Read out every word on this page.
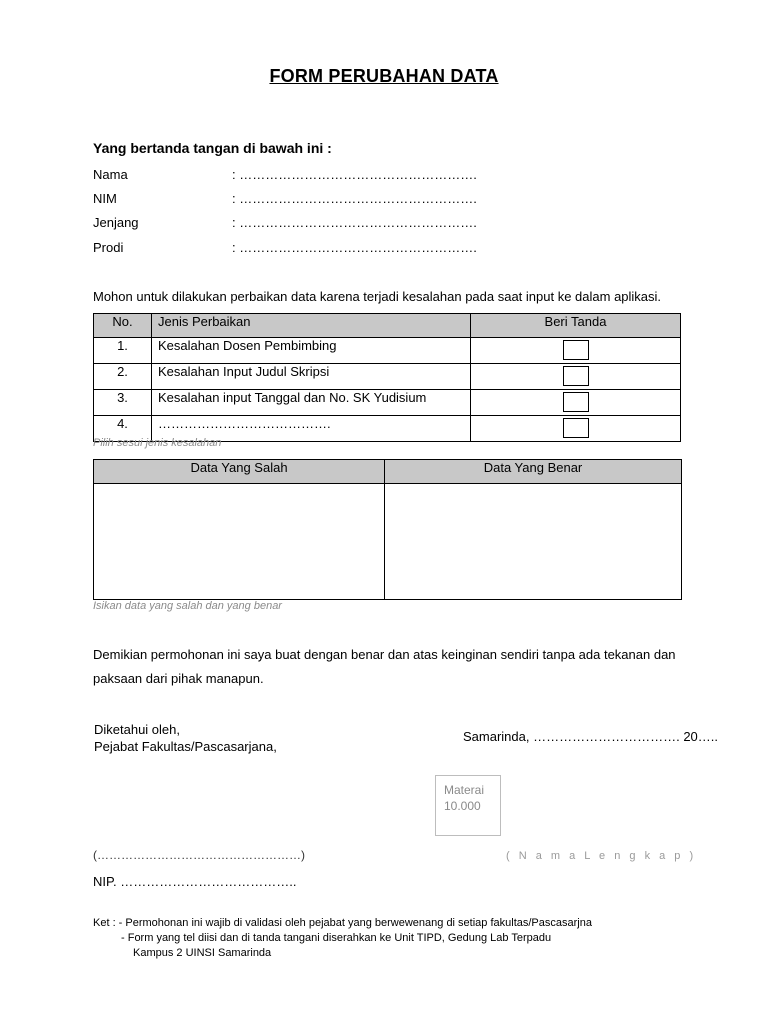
FORM PERUBAHAN DATA
Yang bertanda tangan di bawah ini :
Nama	: ……………………………………………….
NIM	: ……………………………………………….
Jenjang	: ……………………………………………….
Prodi	: ……………………………………………….
Mohon untuk dilakukan perbaikan data karena terjadi kesalahan pada saat input ke dalam aplikasi.
No.	Jenis Perbaikan	Beri Tanda
1.	Kesalahan Dosen Pembimbing	
2.	Kesalahan Input Judul Skripsi	
3.	Kesalahan input Tanggal dan No. SK Yudisium	
4.	………………………………….	
Pilih sesui jenis kesalahan
Data Yang Salah	Data Yang Benar

Isikan data yang salah dan yang benar
Demikian permohonan ini saya buat dengan benar dan atas keinginan sendiri tanpa ada tekanan dan
paksaan dari pihak manapun.
Diketahui oleh,
Pejabat Fakultas/Pascasarjana,
Samarinda, ……………………………. 20…..
Materai
10.000
(……………………………………………)	( N a m a L e n g k a p )
NIP. …………………………………..
Ket : - Permohonan ini wajib di validasi oleh pejabat yang berwewenang di setiap fakultas/Pascasarjna
- Form yang tel diisi dan di tanda tangani diserahkan ke Unit TIPD, Gedung Lab Terpadu
Kampus 2 UINSI Samarinda
